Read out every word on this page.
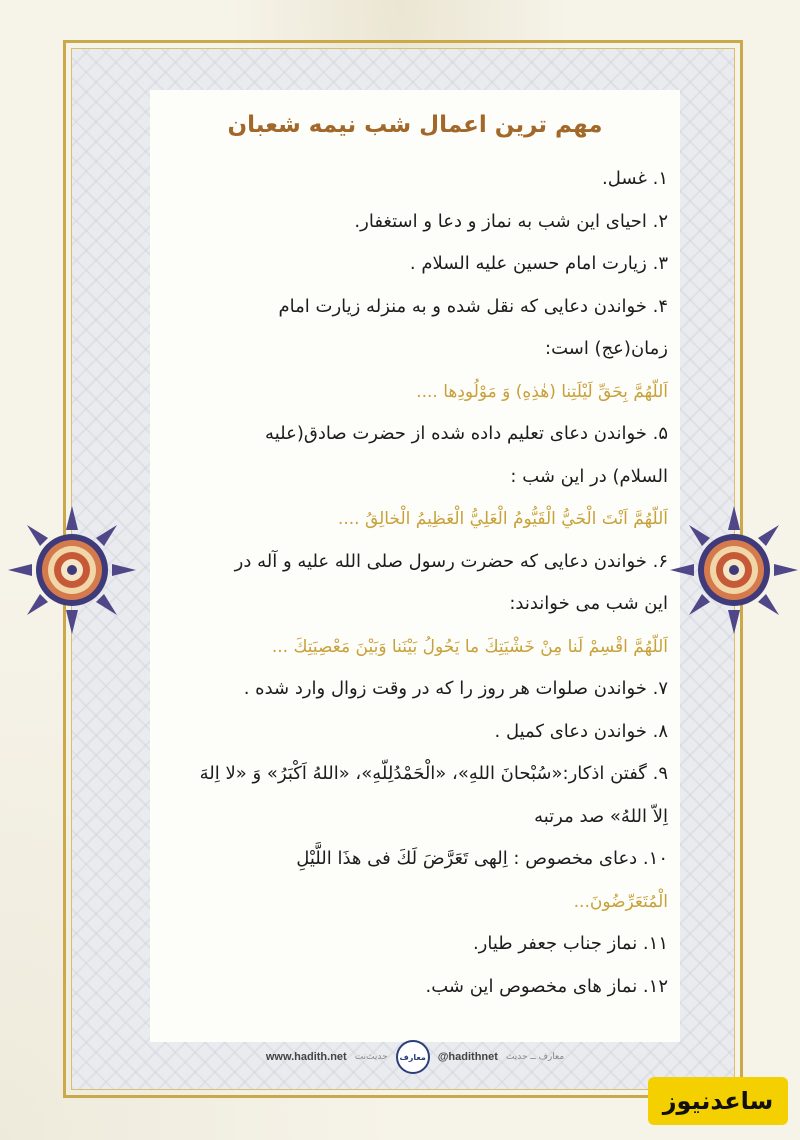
مهم ترین اعمال شب نیمه شعبان
۱. غسل.
۲. احیای این شب به نماز و دعا و استغفار.
۳. زیارت امام حسین علیه السلام .
۴. خواندن دعایی که نقل شده و به منزله زیارت امام
زمان(عج) است:
اَللّهُمَّ بِحَقِّ لَيْلَتِنا (هٰذِهِ) وَ مَوْلُودِها ....
۵. خواندن دعای تعلیم داده شده از حضرت صادق(علیه
السلام) در این شب :
اَللّهُمَّ اَنْتَ الْحَيُّ الْقَيُّومُ الْعَلِيُّ الْعَظِيمُ الْخالِقُ ....
۶. خواندن دعایی که حضرت رسول صلی الله علیه و آله در
این شب می خواندند:
اَللّهُمَّ اقْسِمْ لَنا مِنْ خَشْيَتِكَ ما يَحُولُ بَيْنَنا وَبَيْنَ مَعْصِيَتِكَ ...
۷. خواندن صلوات هر روز را که در وقت زوال وارد شده .
۸. خواندن دعای کمیل .
۹. گفتن اذکار:«سُبْحانَ اللهِ»، «الْحَمْدُلِلّهِ»، «اللهُ اَكْبَرُ» وَ «لا اِلهَ
اِلاّ اللهُ» صد مرتبه
۱۰. دعای مخصوص : اِلهى تَعَرَّضَ لَكَ فى هذَا اللَّيْلِ
الْمُتَعَرِّضُونَ...
۱۱. نماز جناب جعفر طیار.
۱۲. نماز های مخصوص این شب.
www.hadith.net حدیث‌نت معارف @hadithnet معارف ــ حدیث
ساعدنیوز
